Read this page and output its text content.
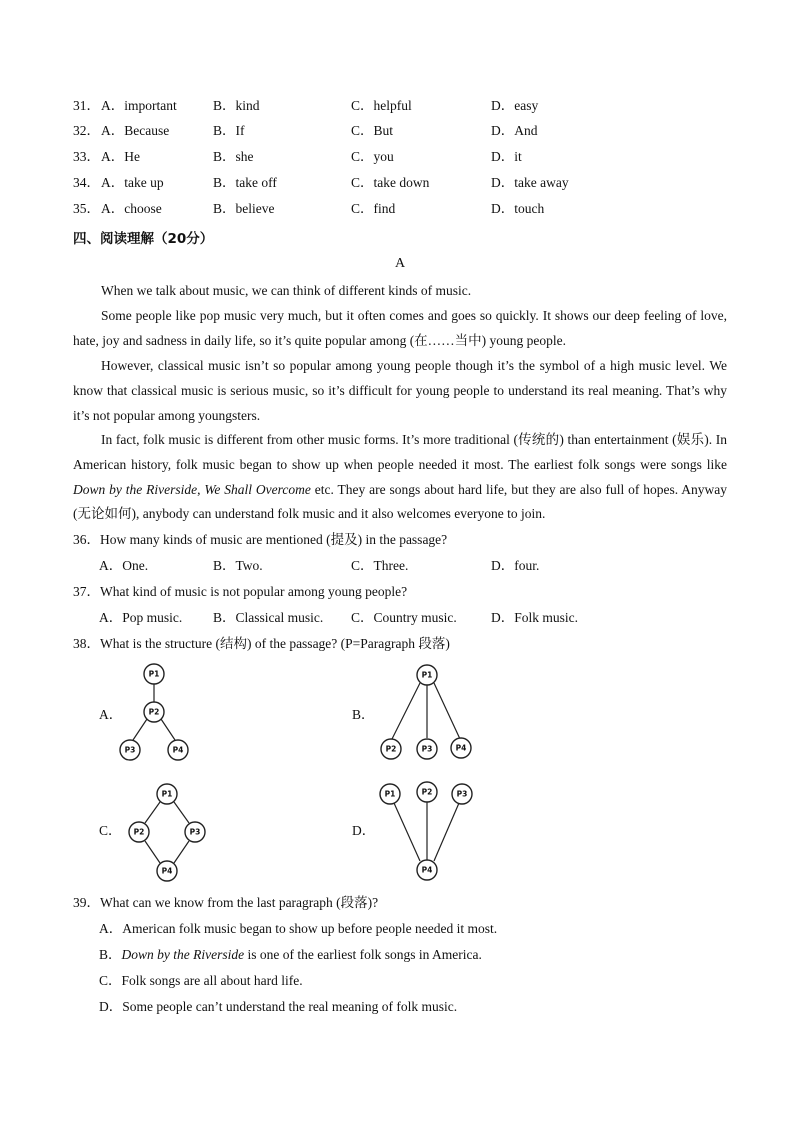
31． A．important	B．kind	C．helpful	D．easy
32． A．Because	B．If	C．But	D．And
33． A．He	B．she	C．you	D．it
34． A．take up	B．take off	C．take down	D．take away
35． A．choose	B．believe	C．find	D．touch
四、阅读理解（20分）
A

When we talk about music, we can think of different kinds of music.

Some people like pop music very much, but it often comes and goes so quickly. It shows our deep feeling of love, hate, joy and sadness in daily life, so it’s quite popular among (在……当中) young people.

However, classical music isn’t so popular among young people though it’s the symbol of a high music level. We know that classical music is serious music, so it’s difficult for young people to understand its real meaning. That’s why it’s not popular among youngsters.

In fact, folk music is different from other music forms. It’s more traditional (传统的) than entertainment (娱乐). In American history, folk music began to show up when people needed it most. The earliest folk songs were songs like Down by the Riverside, We Shall Overcome etc. They are songs about hard life, but they are also full of hopes. Anyway (无论如何), anybody can understand folk music and it also welcomes everyone to join.

36．How many kinds of music are mentioned (提及) in the passage?
A．One.	B．Two.	C．Three.	D．four.
37．What kind of music is not popular among young people?
A．Pop music. B．Classical music. C．Country music.	D．Folk music.
38．What is the structure (结构) of the passage? (P=Paragraph 段落)
A．
P1
P2
P3	P4
B．
P1
P2	P3	P4
C．
P1
P2	P3
P4
D．
P1	P2	P3
P4
39．What can we know from the last paragraph (段落)?
A．American folk music began to show up before people needed it most.
B．Down by the Riverside is one of the earliest folk songs in America.
C．Folk songs are all about hard life.
D．Some people can’t understand the real meaning of folk music.
